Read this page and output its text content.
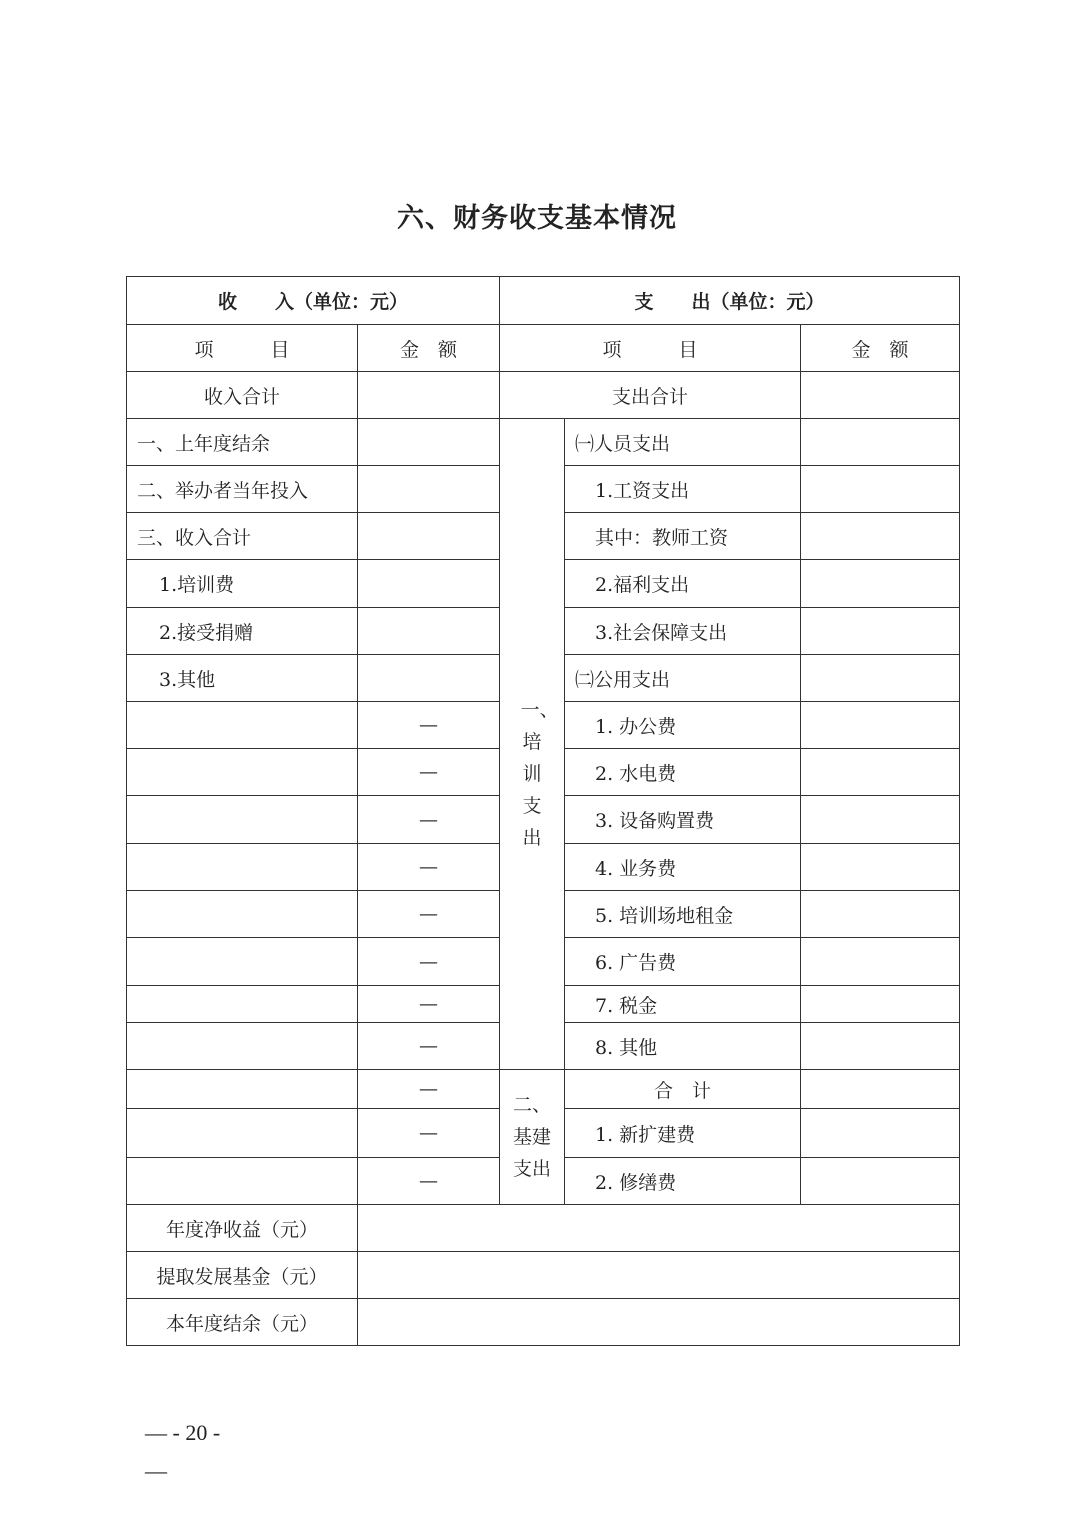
六、财务收支基本情况
收　　入（单位：元）		支　　出（单位：元）		
项　　　目	金　额	项　　　目		金　额
收入合计		支出合计		
一、上年度结余		一、培训支出	㈠人员支出	
二、举办者当年投入			1.工资支出	
三、收入合计			其中：教师工资	
1.培训费			2.福利支出	
2.接受捐赠			3.社会保障支出	
3.其他			㈡公用支出	
	—		1. 办公费	
	—		2. 水电费	
	—		3. 设备购置费	
	—		4. 业务费	
	—		5. 培训场地租金	
	—		6. 广告费	
	—		7. 税金	
	—		8. 其他	
	—	二、基建支出	合　计	
	—		1. 新扩建费	
	—		2. 修缮费	
年度净收益（元）				
提取发展基金（元）				
本年度结余（元）				
— - 20 -
—
